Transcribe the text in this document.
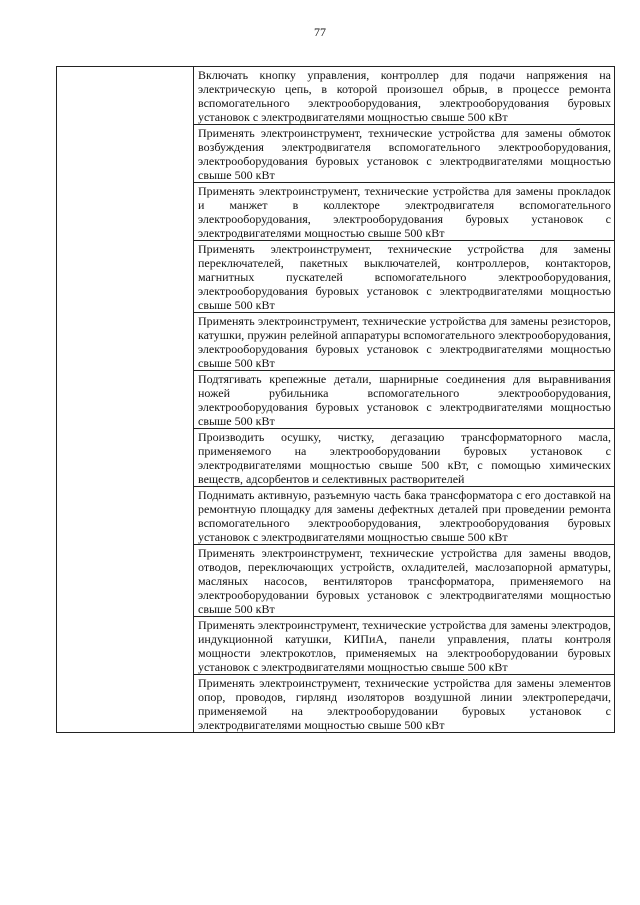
77

	Включать кнопку управления, контроллер для подачи напряжения на электрическую цепь, в которой произошел обрыв, в процессе ремонта вспомогательного электрооборудования, электрооборудования буровых установок с электродвигателями мощностью свыше 500 кВт

	Применять электроинструмент, технические устройства для замены обмоток возбуждения электродвигателя вспомогательного электрооборудования, электрооборудования буровых установок с электродвигателями мощностью свыше 500 кВт

	Применять электроинструмент, технические устройства для замены прокладок и манжет в коллекторе электродвигателя вспомогательного электрооборудования, электрооборудования буровых установок с электродвигателями мощностью свыше 500 кВт

	Применять электроинструмент, технические устройства для замены переключателей, пакетных выключателей, контроллеров, контакторов, магнитных пускателей вспомогательного электрооборудования, электрооборудования буровых установок с электродвигателями мощностью свыше 500 кВт

	Применять электроинструмент, технические устройства для замены резисторов, катушки, пружин релейной аппаратуры вспомогательного электрооборудования, электрооборудования буровых установок с электродвигателями мощностью свыше 500 кВт

	Подтягивать крепежные детали, шарнирные соединения для выравнивания ножей рубильника вспомогательного электрооборудования, электрооборудования буровых установок с электродвигателями мощностью свыше 500 кВт

	Производить осушку, чистку, дегазацию трансформаторного масла, применяемого на электрооборудовании буровых установок с электродвигателями мощностью свыше 500 кВт, с помощью химических веществ, адсорбентов и селективных растворителей

	Поднимать активную, разъемную часть бака трансформатора с его доставкой на ремонтную площадку для замены дефектных деталей при проведении ремонта вспомогательного электрооборудования, электрооборудования буровых установок с электродвигателями мощностью свыше 500 кВт

	Применять электроинструмент, технические устройства для замены вводов, отводов, переключающих устройств, охладителей, маслозапорной арматуры, масляных насосов, вентиляторов трансформатора, применяемого на электрооборудовании буровых установок с электродвигателями мощностью свыше 500 кВт

	Применять электроинструмент, технические устройства для замены электродов, индукционной катушки, КИПиА, панели управления, платы контроля мощности электрокотлов, применяемых на электрооборудовании буровых установок с электродвигателями мощностью свыше 500 кВт

	Применять электроинструмент, технические устройства для замены элементов опор, проводов, гирлянд изоляторов воздушной линии электропередачи, применяемой на электрооборудовании буровых установок с электродвигателями мощностью свыше 500 кВт
